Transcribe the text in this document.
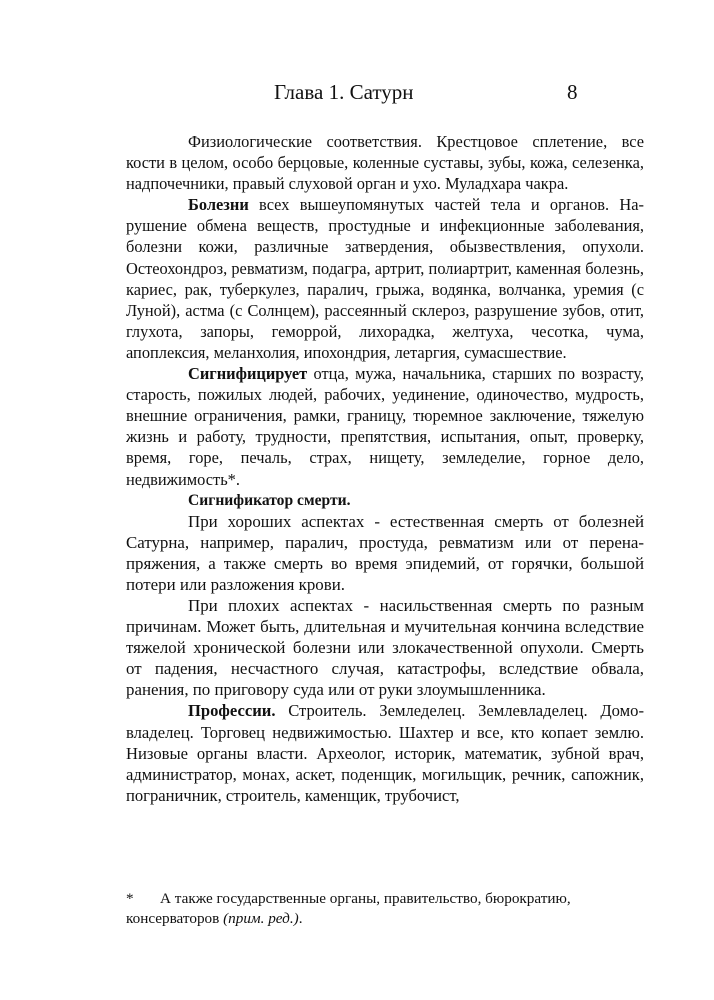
Глава 1. Сатурн	8

Физиологические соответствия. Крестцовое сплетение, все кости в целом, особо берцовые, коленные суставы, зубы, кожа, селезенка, надпочечники, правый слуховой орган и ухо. Муладхара чакра.

Болезни всех вышеупомянутых частей тела и органов. Нарушение обмена веществ, простудные и инфекционные заболевания, болезни кожи, различные затвердения, обызвествления, опухоли. Остеохондроз, ревматизм, подагра, артрит, полиартрит, каменная болезнь, кариес, рак, туберкулез, паралич, грыжа, водянка, волчанка, уремия (с Луной), астма (с Солнцем), рассеянный склероз, разрушение зубов, отит, глухота, запоры, геморрой, лихорадка, желтуха, чесотка, чума, апоплексия, меланхолия, ипохондрия, летаргия, сумасшествие.

Сигнифицирует отца, мужа, начальника, старших по возрасту, старость, пожилых людей, рабочих, уединение, одиночество, мудрость, внешние ограничения, рамки, границу, тюремное заключение, тяжелую жизнь и работу, трудности, препятствия, испытания, опыт, проверку, время, горе, печаль, страх, нищету, земледелие, горное дело, недвижимость*.

Сигнификатор смерти.

При хороших аспектах - естественная смерть от болезней Сатурна, например, паралич, простуда, ревматизм или от перенапряжения, а также смерть во время эпидемий, от горячки, большой потери или разложения крови.

При плохих аспектах - насильственная смерть по разным причинам. Может быть, длительная и мучительная кончина вследствие тяжелой хронической болезни или злокачественной опухоли. Смерть от падения, несчастного случая, катастрофы, вследствие обвала, ранения, по приговору суда или от руки злоумышленника.

Профессии. Строитель. Земледелец. Землевладелец. Домовладелец. Торговец недвижимостью. Шахтер и все, кто копает землю. Низовые органы власти. Археолог, историк, математик, зубной врач, администратор, монах, аскет, поденщик, могильщик, речник, сапожник, пограничник, строитель, каменщик, трубочист,

* А также государственные органы, правительство, бюрократию,
консерваторов (прим. ред.).
